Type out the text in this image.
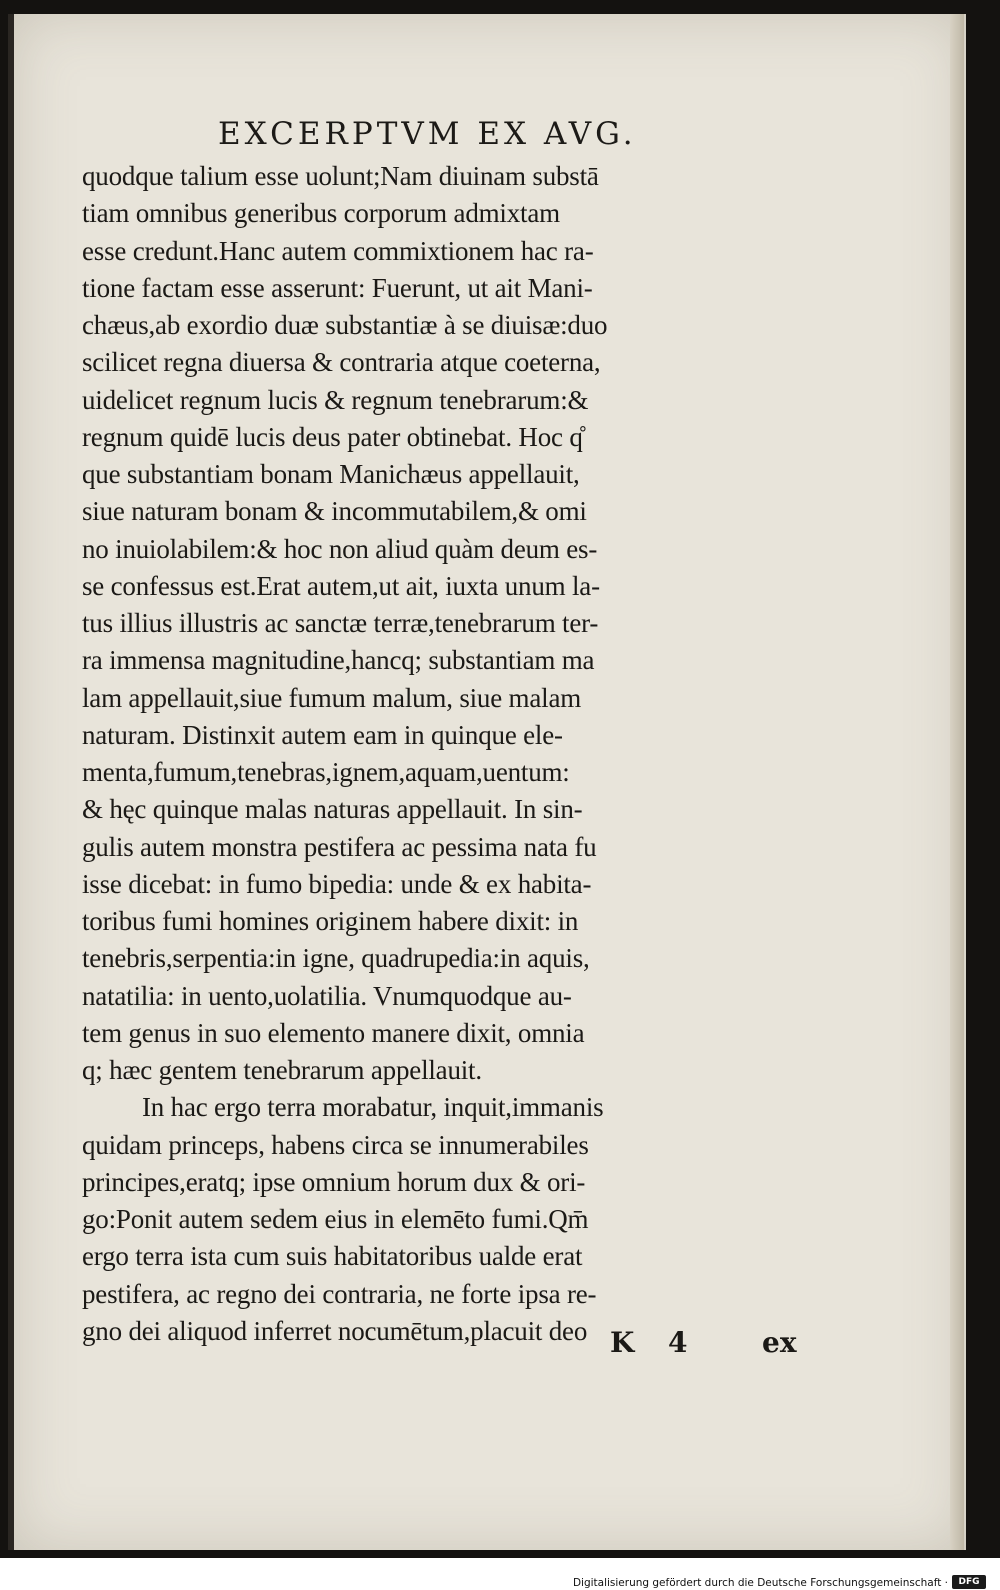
EXCERPTVM EX AVG.
quodque talium esse uolunt;Nam diuinam substā
tiam omnibus generibus corporum admixtam
esse credunt.Hanc autem commixtionem hac ra-
tione factam esse asserunt: Fuerunt, ut ait Mani-
chæus,ab exordio duæ substantiæ à se diuisæ:duo
scilicet regna diuersa & contraria atque coeterna,
uidelicet regnum lucis & regnum tenebrarum:&
regnum quidē lucis deus pater obtinebat. Hoc q̊
que substantiam bonam Manichæus appellauit,
siue naturam bonam & incommutabilem,& omi
no inuiolabilem:& hoc non aliud quàm deum es-
se confessus est.Erat autem,ut ait, iuxta unum la-
tus illius illustris ac sanctæ terræ,tenebrarum ter-
ra immensa magnitudine,hancq; substantiam ma
lam appellauit,siue fumum malum, siue malam
naturam. Distinxit autem eam in quinque ele-
menta,fumum,tenebras,ignem,aquam,uentum:
& hęc quinque malas naturas appellauit. In sin-
gulis autem monstra pestifera ac pessima nata fu
isse dicebat: in fumo bipedia: unde & ex habita-
toribus fumi homines originem habere dixit: in
tenebris,serpentia:in igne, quadrupedia:in aquis,
natatilia: in uento,uolatilia. Vnumquodque au-
tem genus in suo elemento manere dixit, omnia
q; hæc gentem tenebrarum appellauit.
In hac ergo terra morabatur, inquit,immanis
quidam princeps, habens circa se innumerabiles
principes,eratq; ipse omnium horum dux & ori-
go:Ponit autem sedem eius in elemēto fumi.Qm̄
ergo terra ista cum suis habitatoribus ualde erat
pestifera, ac regno dei contraria, ne forte ipsa re-
gno dei aliquod inferret nocumētum,placuit deo K 4	ex
Digitalisierung gefördert durch die Deutsche Forschungsgemeinschaft ·	DFG
